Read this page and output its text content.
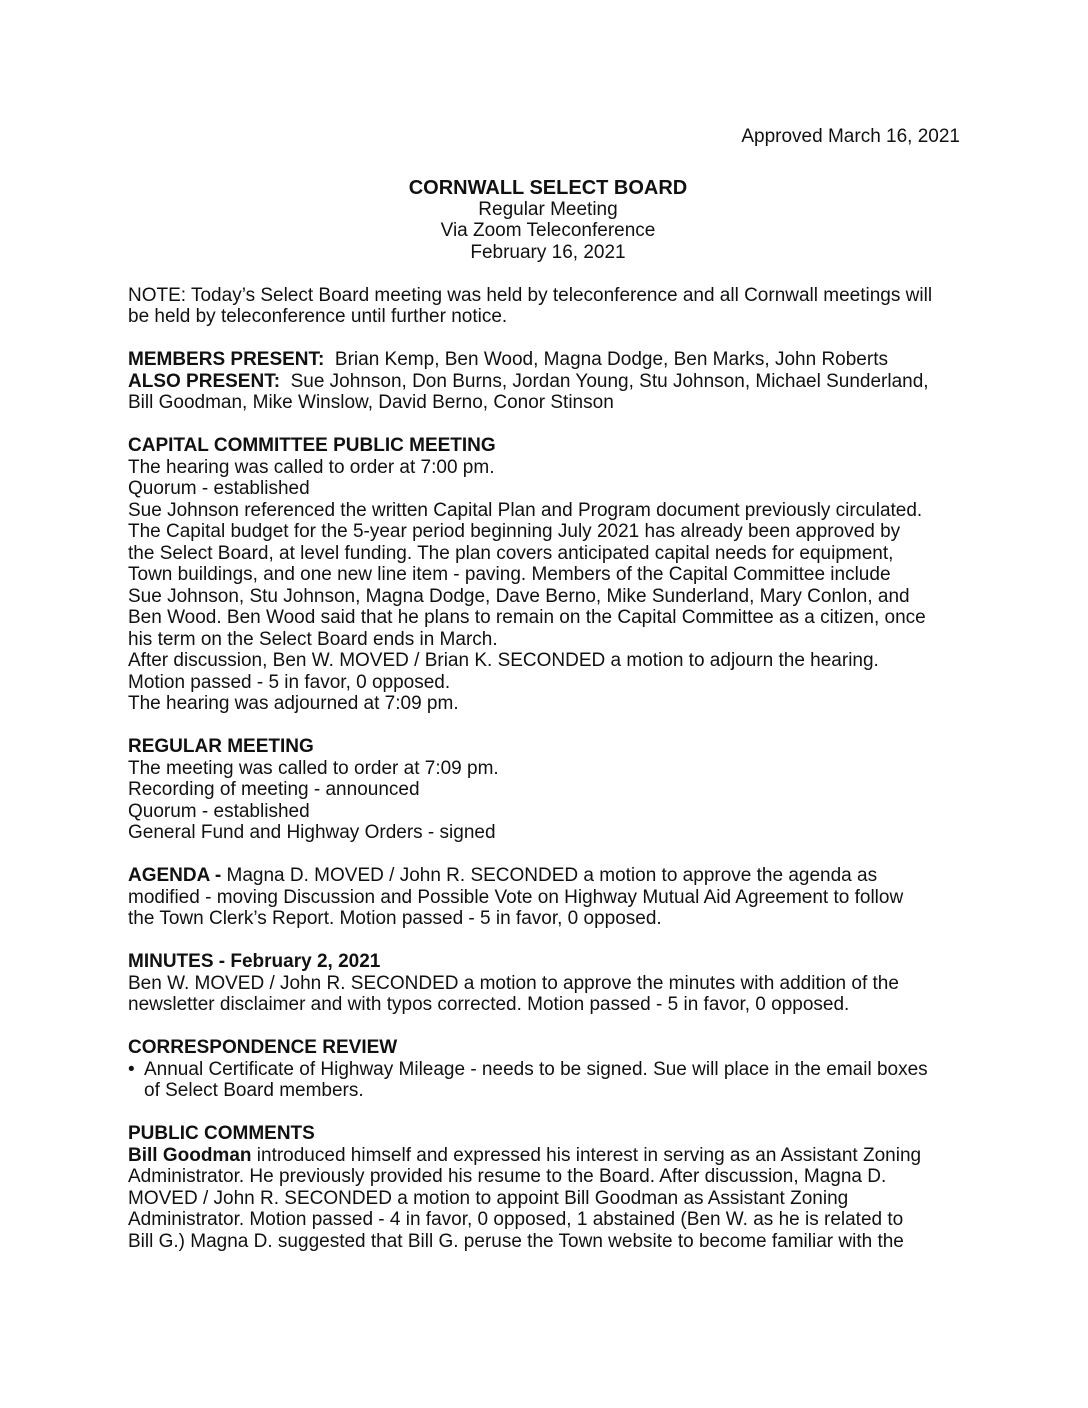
Approved March 16, 2021
CORNWALL SELECT BOARD
Regular Meeting
Via Zoom Teleconference
February 16, 2021
NOTE: Today’s Select Board meeting was held by teleconference and all Cornwall meetings will
be held by teleconference until further notice.
MEMBERS PRESENT: Brian Kemp, Ben Wood, Magna Dodge, Ben Marks, John Roberts
ALSO PRESENT: Sue Johnson, Don Burns, Jordan Young, Stu Johnson, Michael Sunderland,
Bill Goodman, Mike Winslow, David Berno, Conor Stinson
CAPITAL COMMITTEE PUBLIC MEETING
The hearing was called to order at 7:00 pm.
Quorum - established
Sue Johnson referenced the written Capital Plan and Program document previously circulated.
The Capital budget for the 5-year period beginning July 2021 has already been approved by
the Select Board, at level funding. The plan covers anticipated capital needs for equipment,
Town buildings, and one new line item - paving. Members of the Capital Committee include
Sue Johnson, Stu Johnson, Magna Dodge, Dave Berno, Mike Sunderland, Mary Conlon, and
Ben Wood. Ben Wood said that he plans to remain on the Capital Committee as a citizen, once
his term on the Select Board ends in March.
After discussion, Ben W. MOVED / Brian K. SECONDED a motion to adjourn the hearing.
Motion passed - 5 in favor, 0 opposed.
The hearing was adjourned at 7:09 pm.
REGULAR MEETING
The meeting was called to order at 7:09 pm.
Recording of meeting - announced
Quorum - established
General Fund and Highway Orders - signed
AGENDA - Magna D. MOVED / John R. SECONDED a motion to approve the agenda as
modified - moving Discussion and Possible Vote on Highway Mutual Aid Agreement to follow
the Town Clerk’s Report. Motion passed - 5 in favor, 0 opposed.
MINUTES - February 2, 2021
Ben W. MOVED / John R. SECONDED a motion to approve the minutes with addition of the
newsletter disclaimer and with typos corrected. Motion passed - 5 in favor, 0 opposed.
CORRESPONDENCE REVIEW
• Annual Certificate of Highway Mileage - needs to be signed. Sue will place in the email boxes
of Select Board members.
PUBLIC COMMENTS
Bill Goodman introduced himself and expressed his interest in serving as an Assistant Zoning
Administrator. He previously provided his resume to the Board. After discussion, Magna D.
MOVED / John R. SECONDED a motion to appoint Bill Goodman as Assistant Zoning
Administrator. Motion passed - 4 in favor, 0 opposed, 1 abstained (Ben W. as he is related to
Bill G.) Magna D. suggested that Bill G. peruse the Town website to become familiar with the
